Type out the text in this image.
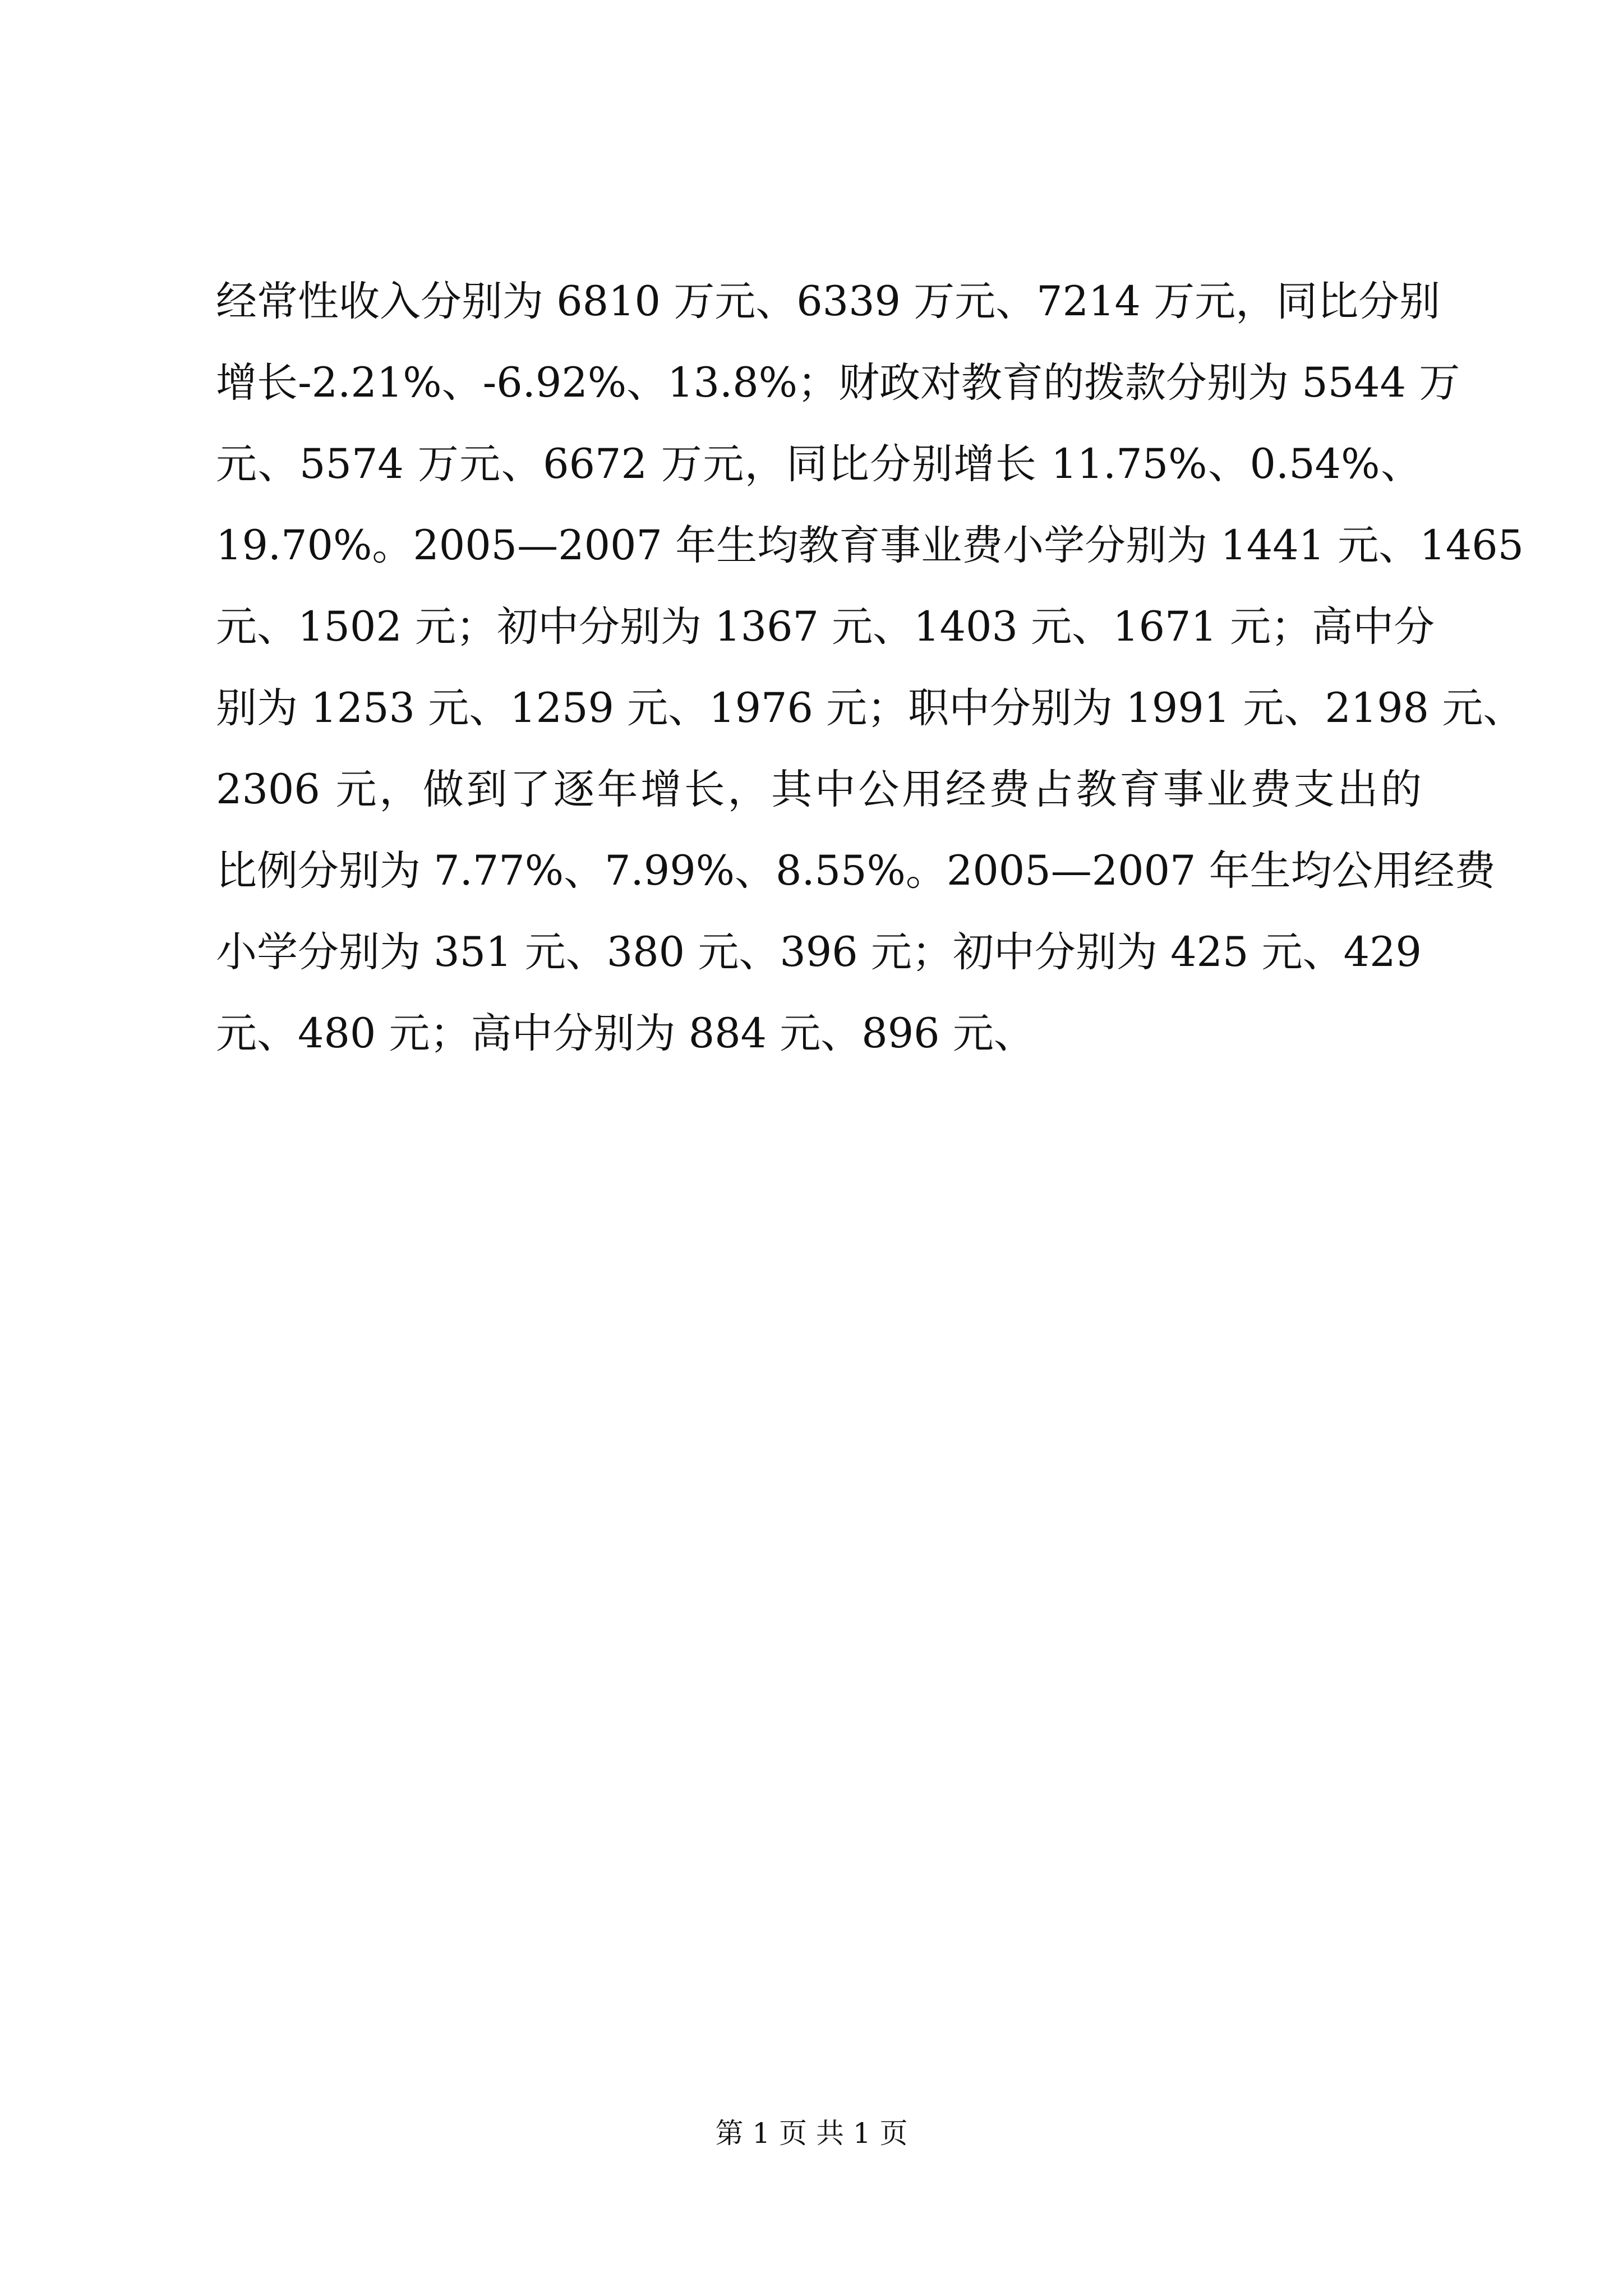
经常性收入分别为 6810 万元、6339 万元、7214 万元，同比分别
增长-2.21%、-6.92%、13.8%；财政对教育的拨款分别为 5544 万
元、5574 万元、6672 万元，同比分别增长 11.75%、0.54%、
19.70%。2005—2007 年生均教育事业费小学分别为 1441 元、1465
元、1502 元；初中分别为 1367 元、1403 元、1671 元；高中分
别为 1253 元、1259 元、1976 元；职中分别为 1991 元、2198 元、
2306 元，做到了逐年增长，其中公用经费占教育事业费支出的
比例分别为 7.77%、7.99%、8.55%。2005—2007 年生均公用经费
小学分别为 351 元、380 元、396 元；初中分别为 425 元、429
元、480 元；高中分别为 884 元、896 元、
第 1 页 共 1 页
